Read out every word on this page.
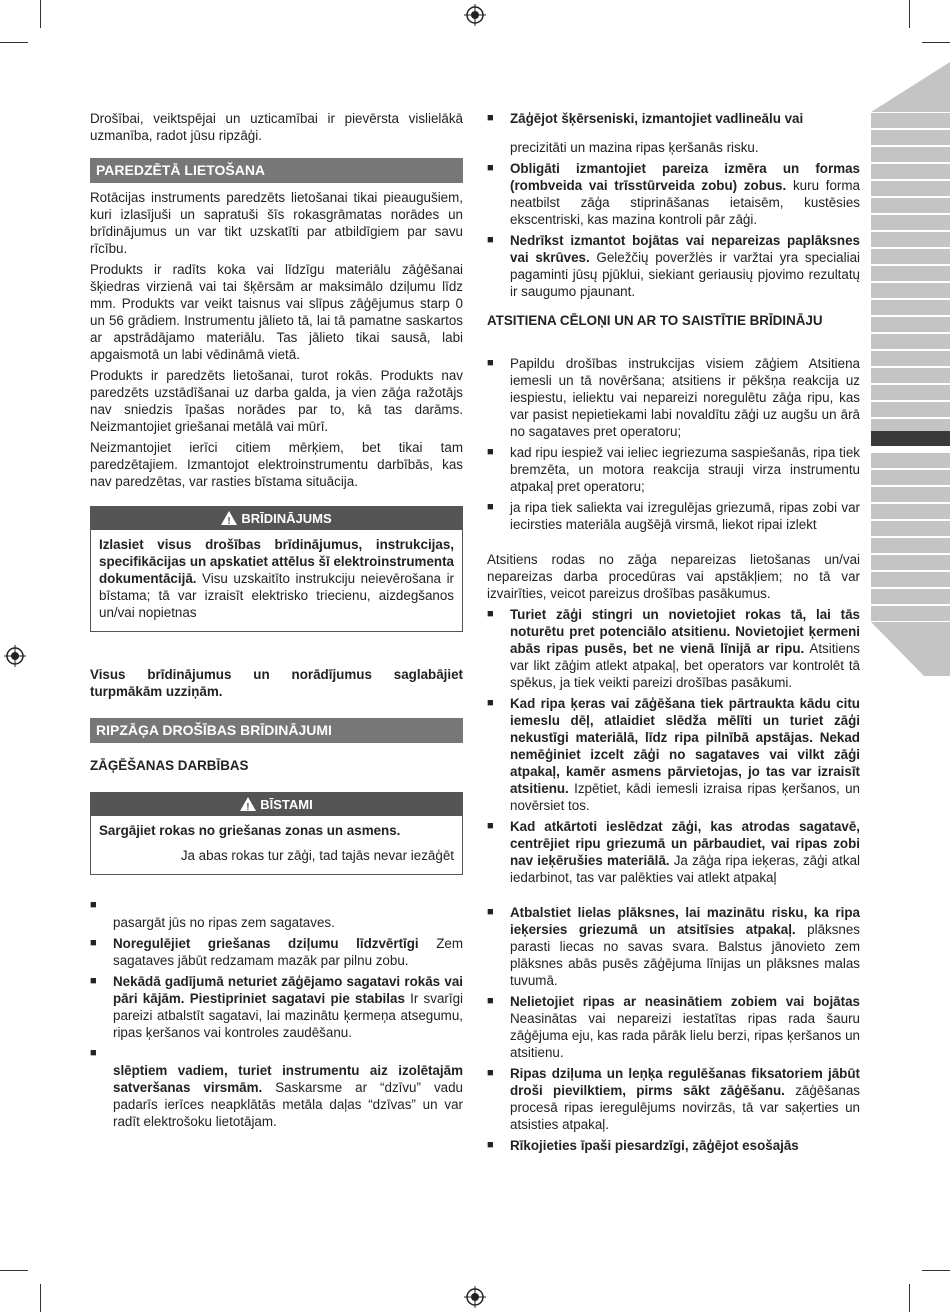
Drošībai, veiktspējai un uzticamībai ir pievērsta vislielākā uzmanība, radot jūsu ripzāģi.

PAREDZĒTĀ LIETOŠANA

Rotācijas instruments paredzēts lietošanai tikai pieaugušiem, kuri izlasījuši un sapratuši šīs rokasgrāmatas norādes un brīdinājumus un var tikt uzskatīti par atbildīgiem par savu rīcību.

Produkts ir radīts koka vai līdzīgu materiālu zāģēšanai šķiedras virzienā vai tai šķērsām ar maksimālo dziļumu līdz mm. Produkts var veikt taisnus vai slīpus zāģējumus starp 0 un 56 grādiem. Instrumentu jālieto tā, lai tā pamatne saskartos ar apstrādājamo materiālu. Tas jālieto tikai sausā, labi apgaismotā un labi vēdināmā vietā.

Produkts ir paredzēts lietošanai, turot rokās. Produkts nav paredzēts uzstādīšanai uz darba galda, ja vien zāģa ražotājs nav sniedzis īpašas norādes par to, kā tas darāms. Neizmantojiet griešanai metālā vai mūrī.

Neizmantojiet ierīci citiem mērķiem, bet tikai tam paredzētajiem. Izmantojot elektroinstrumentu darbībās, kas nav paredzētas, var rasties bīstama situācija.

!BRĪDINĀJUMS
Izlasiet visus drošības brīdinājumus, instrukcijas, specifikācijas un apskatiet attēlus šī elektroinstrumenta dokumentācijā. Visu uzskaitīto instrukciju neievērošana ir bīstama; tā var izraisīt elektrisko triecienu, aizdegšanos un/vai nopietnas

Visus brīdinājumus un norādījumus saglabājiet turpmākām uzziņām.

RIPZĀĢA DROŠĪBAS BRĪDINĀJUMI
ZĀĢĒŠANAS DARBĪBAS
!BĪSTAMI
Sargājiet rokas no griešanas zonas un asmens.
Ja abas rokas tur zāģi, tad tajās nevar iezāģēt
■
pasargāt jūs no ripas zem sagataves.
■ Noregulējiet griešanas dziļumu līdzvērtīgi Zem sagataves jābūt redzamam mazāk par pilnu zobu.
■ Nekādā gadījumā neturiet zāģējamo sagatavi rokās vai pāri kājām. Piestipriniet sagatavi pie stabilas Ir svarīgi pareizi atbalstīt sagatavi, lai mazinātu ķermeņa atsegumu, ripas ķeršanos vai kontroles zaudēšanu.
■
slēptiem vadiem, turiet instrumentu aiz izolētajām satveršanas virsmām. Saskarsme ar “dzīvu” vadu padarīs ierīces neapklātās metāla daļas “dzīvas” un var radīt elektrošoku lietotājam.
■ Zāģējot šķērseniski, izmantojiet vadlineālu vai
precizitāti un mazina ripas ķeršanās risku.
■ Obligāti izmantojiet pareiza izmēra un formas (rombveida vai trīsstūrveida zobu) zobus. kuru forma neatbilst zāģa stiprināšanas ietaisēm, kustēsies ekscentriski, kas mazina kontroli pār zāģi.
■ Nedrīkst izmantot bojātas vai nepareizas paplāksnes vai skrūves. Geležčių poveržlės ir varžtai yra specialiai pagaminti jūsų pjūklui, siekiant geriausių pjovimo rezultatų ir saugumo pjaunant.
ATSITIENA CĒLOŅI UN AR TO SAISTĪTIE BRĪDINĀJU
■ Papildu drošības instrukcijas visiem zāģiem Atsitiena iemesli un tā novēršana; atsitiens ir pēkšņa reakcija uz iespiestu, ieliektu vai nepareizi noregulētu zāģa ripu, kas var pasist nepietiekami labi novaldītu zāģi uz augšu un ārā no sagataves pret operatoru;
■ kad ripu iespiež vai ieliec iegriezuma saspiešanās, ripa tiek bremzēta, un motora reakcija strauji virza instrumentu atpakaļ pret operatoru;
■ ja ripa tiek saliekta vai izregulējas griezumā, ripas zobi var iecirsties materiāla augšējā virsmā, liekot ripai izlekt

Atsitiens rodas no zāģa nepareizas lietošanas un/vai nepareizas darba procedūras vai apstākļiem; no tā var izvairīties, veicot pareizus drošības pasākumus.

■ Turiet zāģi stingri un novietojiet rokas tā, lai tās noturētu pret potenciālo atsitienu. Novietojiet ķermeni abās ripas pusēs, bet ne vienā līnijā ar ripu. Atsitiens var likt zāģim atlekt atpakaļ, bet operators var kontrolēt tā spēkus, ja tiek veikti pareizi drošības pasākumi.
■ Kad ripa ķeras vai zāģēšana tiek pārtraukta kādu citu iemeslu dēļ, atlaidiet slēdža mēlīti un turiet zāģi nekustīgi materiālā, līdz ripa pilnībā apstājas. Nekad nemēģiniet izcelt zāģi no sagataves vai vilkt zāģi atpakaļ, kamēr asmens pārvietojas, jo tas var izraisīt atsitienu. Izpētiet, kādi iemesli izraisa ripas ķeršanos, un novērsiet tos.
■ Kad atkārtoti ieslēdzat zāģi, kas atrodas sagatavē, centrējiet ripu griezumā un pārbaudiet, vai ripas zobi nav ieķērušies materiālā. Ja zāģa ripa ieķeras, zāģi atkal iedarbinot, tas var palēkties vai atlekt atpakaļ
■ Atbalstiet lielas plāksnes, lai mazinātu risku, ka ripa ieķersies griezumā un atsitīsies atpakaļ. plāksnes parasti liecas no savas svara. Balstus jānovieto zem plāksnes abās pusēs zāģējuma līnijas un plāksnes malas tuvumā.
■ Nelietojiet ripas ar neasinātiem zobiem vai bojātas Neasinātas vai nepareizi iestatītas ripas rada šauru zāģējuma eju, kas rada pārāk lielu berzi, ripas ķeršanos un atsitienu.
■ Ripas dziļuma un leņķa regulēšanas fiksatoriem jābūt droši pievilktiem, pirms sākt zāģēšanu. zāģēšanas procesā ripas ieregulējums novirzās, tā var saķerties un atsisties atpakaļ.
■ Rīkojieties īpaši piesardzīgi, zāģējot esošajās
